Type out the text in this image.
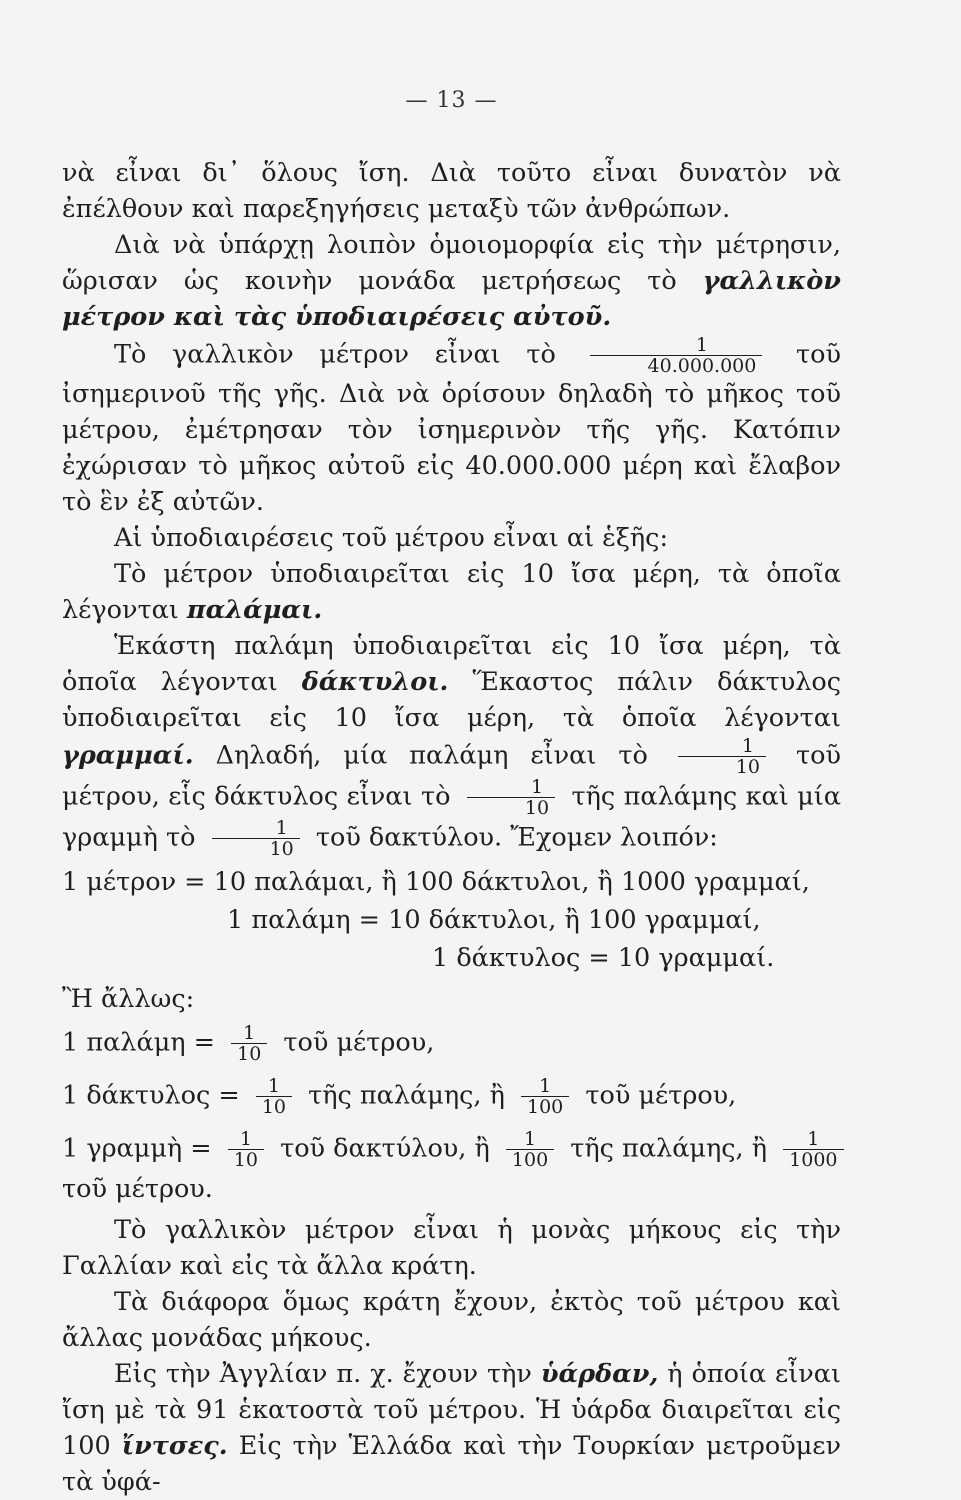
— 13 —

νὰ εἶναι δι᾿ ὅλους ἴση. Διὰ τοῦτο εἶναι δυνατὸν νὰ ἐπέλθουν καὶ παρεξηγήσεις μεταξὺ τῶν ἀνθρώπων.

Διὰ νὰ ὑπάρχῃ λοιπὸν ὁμοιομορφία εἰς τὴν μέτρησιν, ὥρισαν ὡς κοινὴν μονάδα μετρήσεως τὸ γαλλικὸν μέτρον καὶ τὰς ὑποδιαιρέσεις αὐτοῦ.

Τὸ γαλλικὸν μέτρον εἶναι τὸ $\frac{1}{40.000.000}$ τοῦ ἰσημερινοῦ τῆς γῆς. Διὰ νὰ ὁρίσουν δηλαδὴ τὸ μῆκος τοῦ μέτρου, ἐμέτρησαν τὸν ἰσημερινὸν τῆς γῆς. Κατόπιν ἐχώρισαν τὸ μῆκος αὐτοῦ εἰς 40.000.000 μέρη καὶ ἔλαβον τὸ ἓν ἐξ αὐτῶν.

Αἱ ὑποδιαιρέσεις τοῦ μέτρου εἶναι αἱ ἑξῆς:

Τὸ μέτρον ὑποδιαιρεῖται εἰς 10 ἴσα μέρη, τὰ ὁποῖα λέγονται παλάμαι.

Ἑκάστη παλάμη ὑποδιαιρεῖται εἰς 10 ἴσα μέρη, τὰ ὁποῖα λέγονται δάκτυλοι. Ἕκαστος πάλιν δάκτυλος ὑποδιαιρεῖται εἰς 10 ἴσα μέρη, τὰ ὁποῖα λέγονται γραμμαί. Δηλαδή, μία παλάμη εἶναι τὸ $\frac{1}{10}$ τοῦ μέτρου, εἷς δάκτυλος εἶναι τὸ $\frac{1}{10}$ τῆς παλάμης καὶ μία γραμμὴ τὸ $\frac{1}{10}$ τοῦ δακτύλου. Ἔχομεν λοιπόν:

1 μέτρον = 10 παλάμαι, ἢ 100 δάκτυλοι, ἢ 1000 γραμμαί,
1 παλάμη = 10 δάκτυλοι, ἢ 100 γραμμαί,
1 δάκτυλος = 10 γραμμαί.

Ἢ ἄλλως:

1 $\pi\alpha\lambda ά\mu\eta = \frac{1}{10}$ τοῦ μέτρου,
1 $\delta ά\kappa\tau\upsilon\lambda o\varsigma = \frac{1}{10}$ τῆς παλάμης, ἢ $\frac{1}{100}$ τοῦ μέτρου,
1 γραμμὴ = $\frac{1}{10}$ τοῦ δακτύλου, ἢ $\frac{1}{100}$ τῆς παλάμης, ἢ $\frac{1}{1000}$
τοῦ μέτρου.

Τὸ γαλλικὸν μέτρον εἶναι ἡ μονὰς μήκους εἰς τὴν Γαλλίαν καὶ εἰς τὰ ἄλλα κράτη.

Τὰ διάφορα ὅμως κράτη ἔχουν, ἐκτὸς τοῦ μέτρου καὶ ἄλλας μονάδας μήκους.

Εἰς τὴν Ἀγγλίαν π. χ. ἔχουν τὴν ὑάρδαν, ἡ ὁποία εἶναι ἴση μὲ τὰ 91 ἑκατοστὰ τοῦ μέτρου. Ἡ ὑάρδα διαιρεῖται εἰς 100 ἴντσες. Εἰς τὴν Ἑλλάδα καὶ τὴν Τουρκίαν μετροῦμεν τὰ ὑφά-
